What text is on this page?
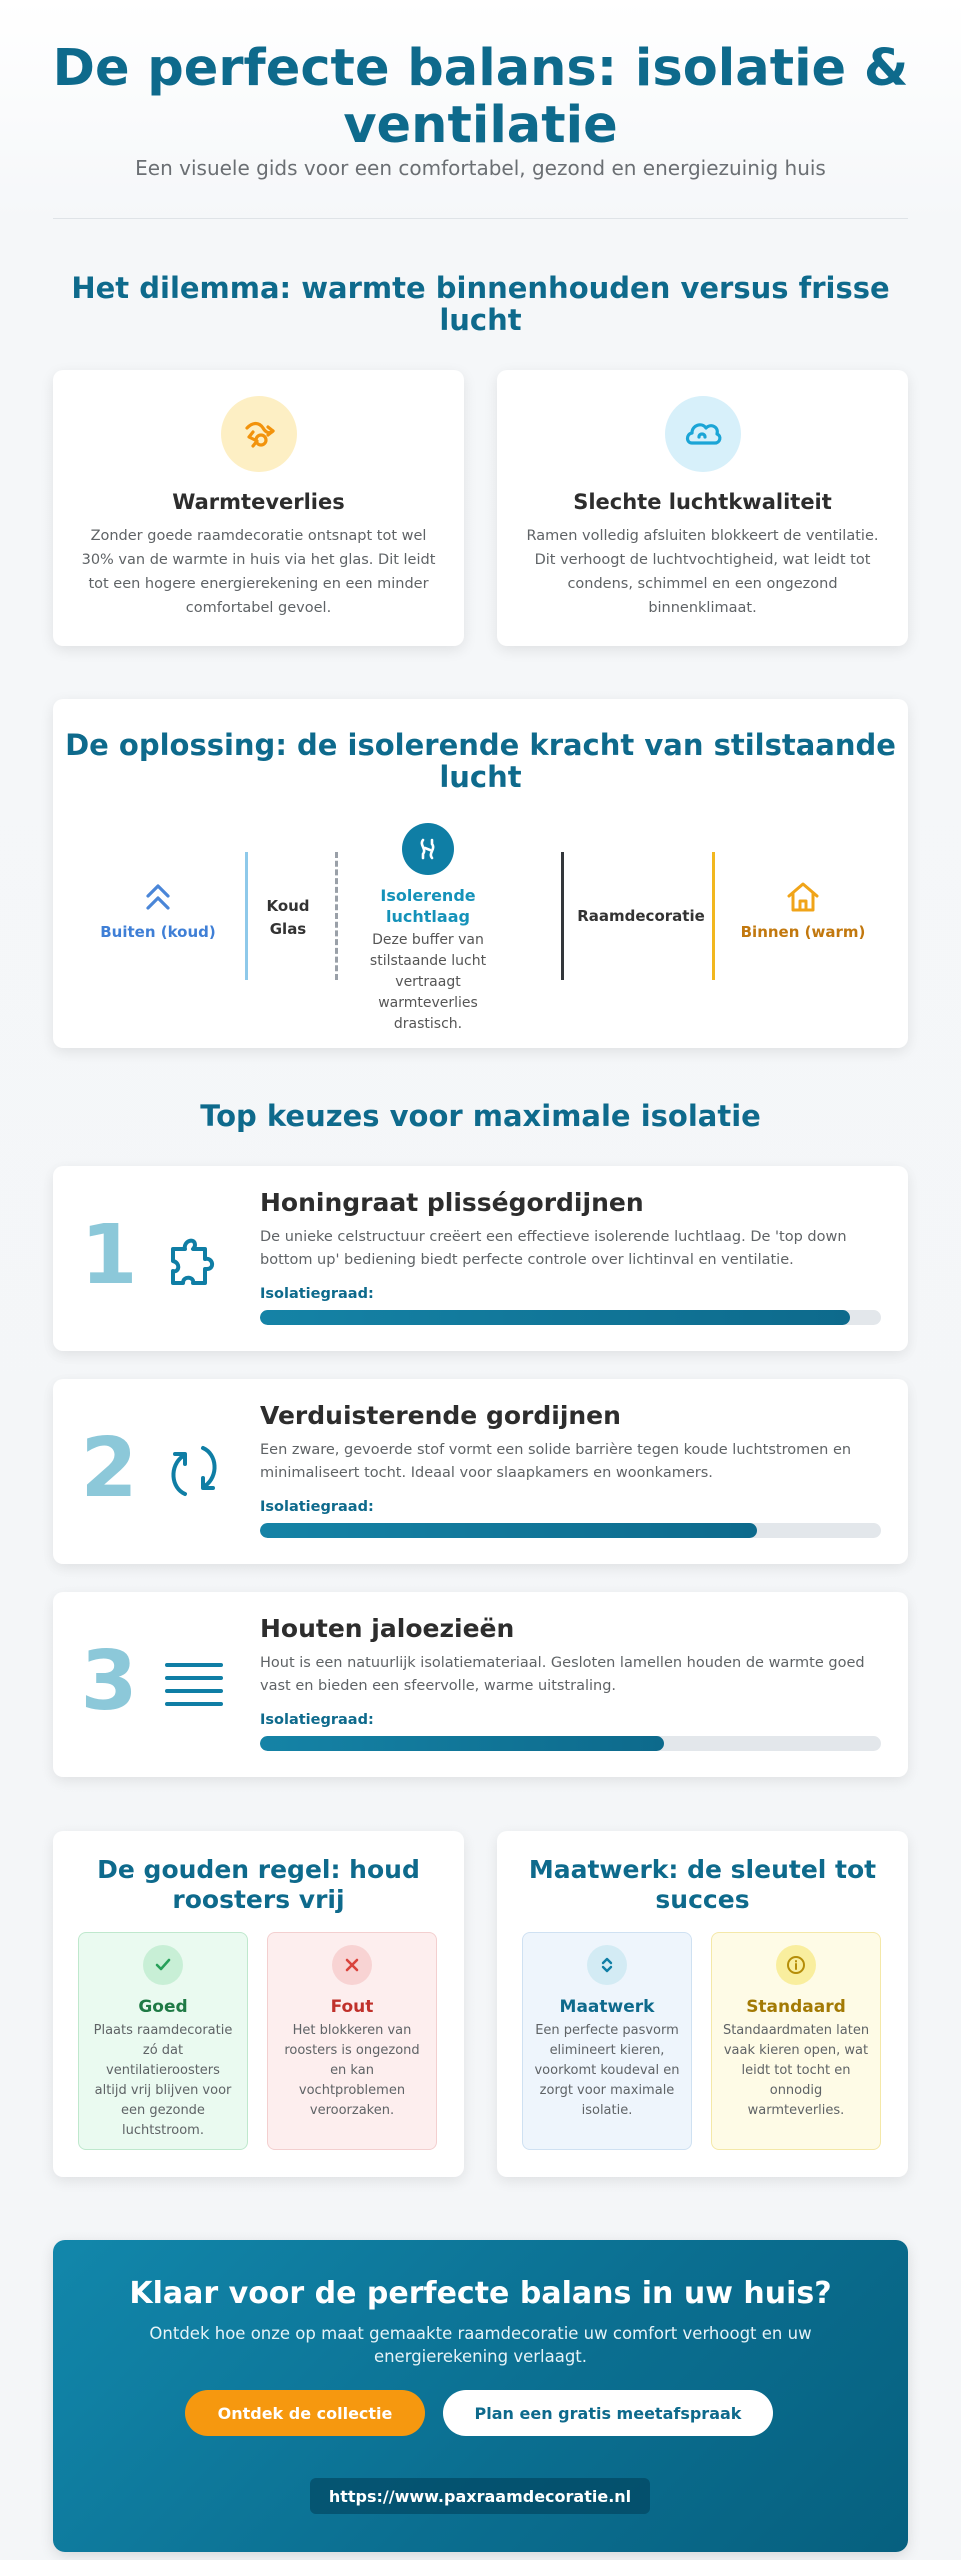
De perfecte balans: isolatie & ventilatie
Een visuele gids voor een comfortabel, gezond en energiezuinig huis
Het dilemma: warmte binnenhouden versus frisse lucht
Warmteverlies

Zonder goede raamdecoratie ontsnapt tot wel 30% van de warmte in huis via het glas. Dit leidt tot een hogere energierekening en een minder comfortabel gevoel.

Slechte luchtkwaliteit

Ramen volledig afsluiten blokkeert de ventilatie. Dit verhoogt de luchtvochtigheid, wat leidt tot condens, schimmel en een ongezond binnenklimaat.

De oplossing: de isolerende kracht van stilstaande lucht
Buiten (koud)
Koud Glas
Isolerende luchtlaag
Deze buffer van stilstaande lucht vertraagt warmteverlies drastisch.
Raamdecoratie
Binnen (warm)
Top keuzes voor maximale isolatie
1
Honingraat plisségordijnen
De unieke celstructuur creëert een effectieve isolerende luchtlaag. De 'top down bottom up' bediening biedt perfecte controle over lichtinval en ventilatie.
Isolatiegraad:
2
Verduisterende gordijnen
Een zware, gevoerde stof vormt een solide barrière tegen koude luchtstromen en minimaliseert tocht. Ideaal voor slaapkamers en woonkamers.
Isolatiegraad:
3
Houten jaloezieën
Hout is een natuurlijk isolatiemateriaal. Gesloten lamellen houden de warmte goed vast en bieden een sfeervolle, warme uitstraling.
Isolatiegraad:
De gouden regel: houd roosters vrij
Goed

Plaats raamdecoratie zó dat ventilatieroosters altijd vrij blijven voor een gezonde luchtstroom.

Fout

Het blokkeren van roosters is ongezond en kan vochtproblemen veroorzaken.

Maatwerk: de sleutel tot succes
Maatwerk

Een perfecte pasvorm elimineert kieren, voorkomt koudeval en zorgt voor maximale isolatie.

Standaard

Standaardmaten laten vaak kieren open, wat leidt tot tocht en onnodig warmteverlies.

Klaar voor de perfecte balans in uw huis?

Ontdek hoe onze op maat gemaakte raamdecoratie uw comfort verhoogt en uw energierekening verlaagt.

Ontdek de collectie	Plan een gratis meetafspraak
https://www.paxraamdecoratie.nl
